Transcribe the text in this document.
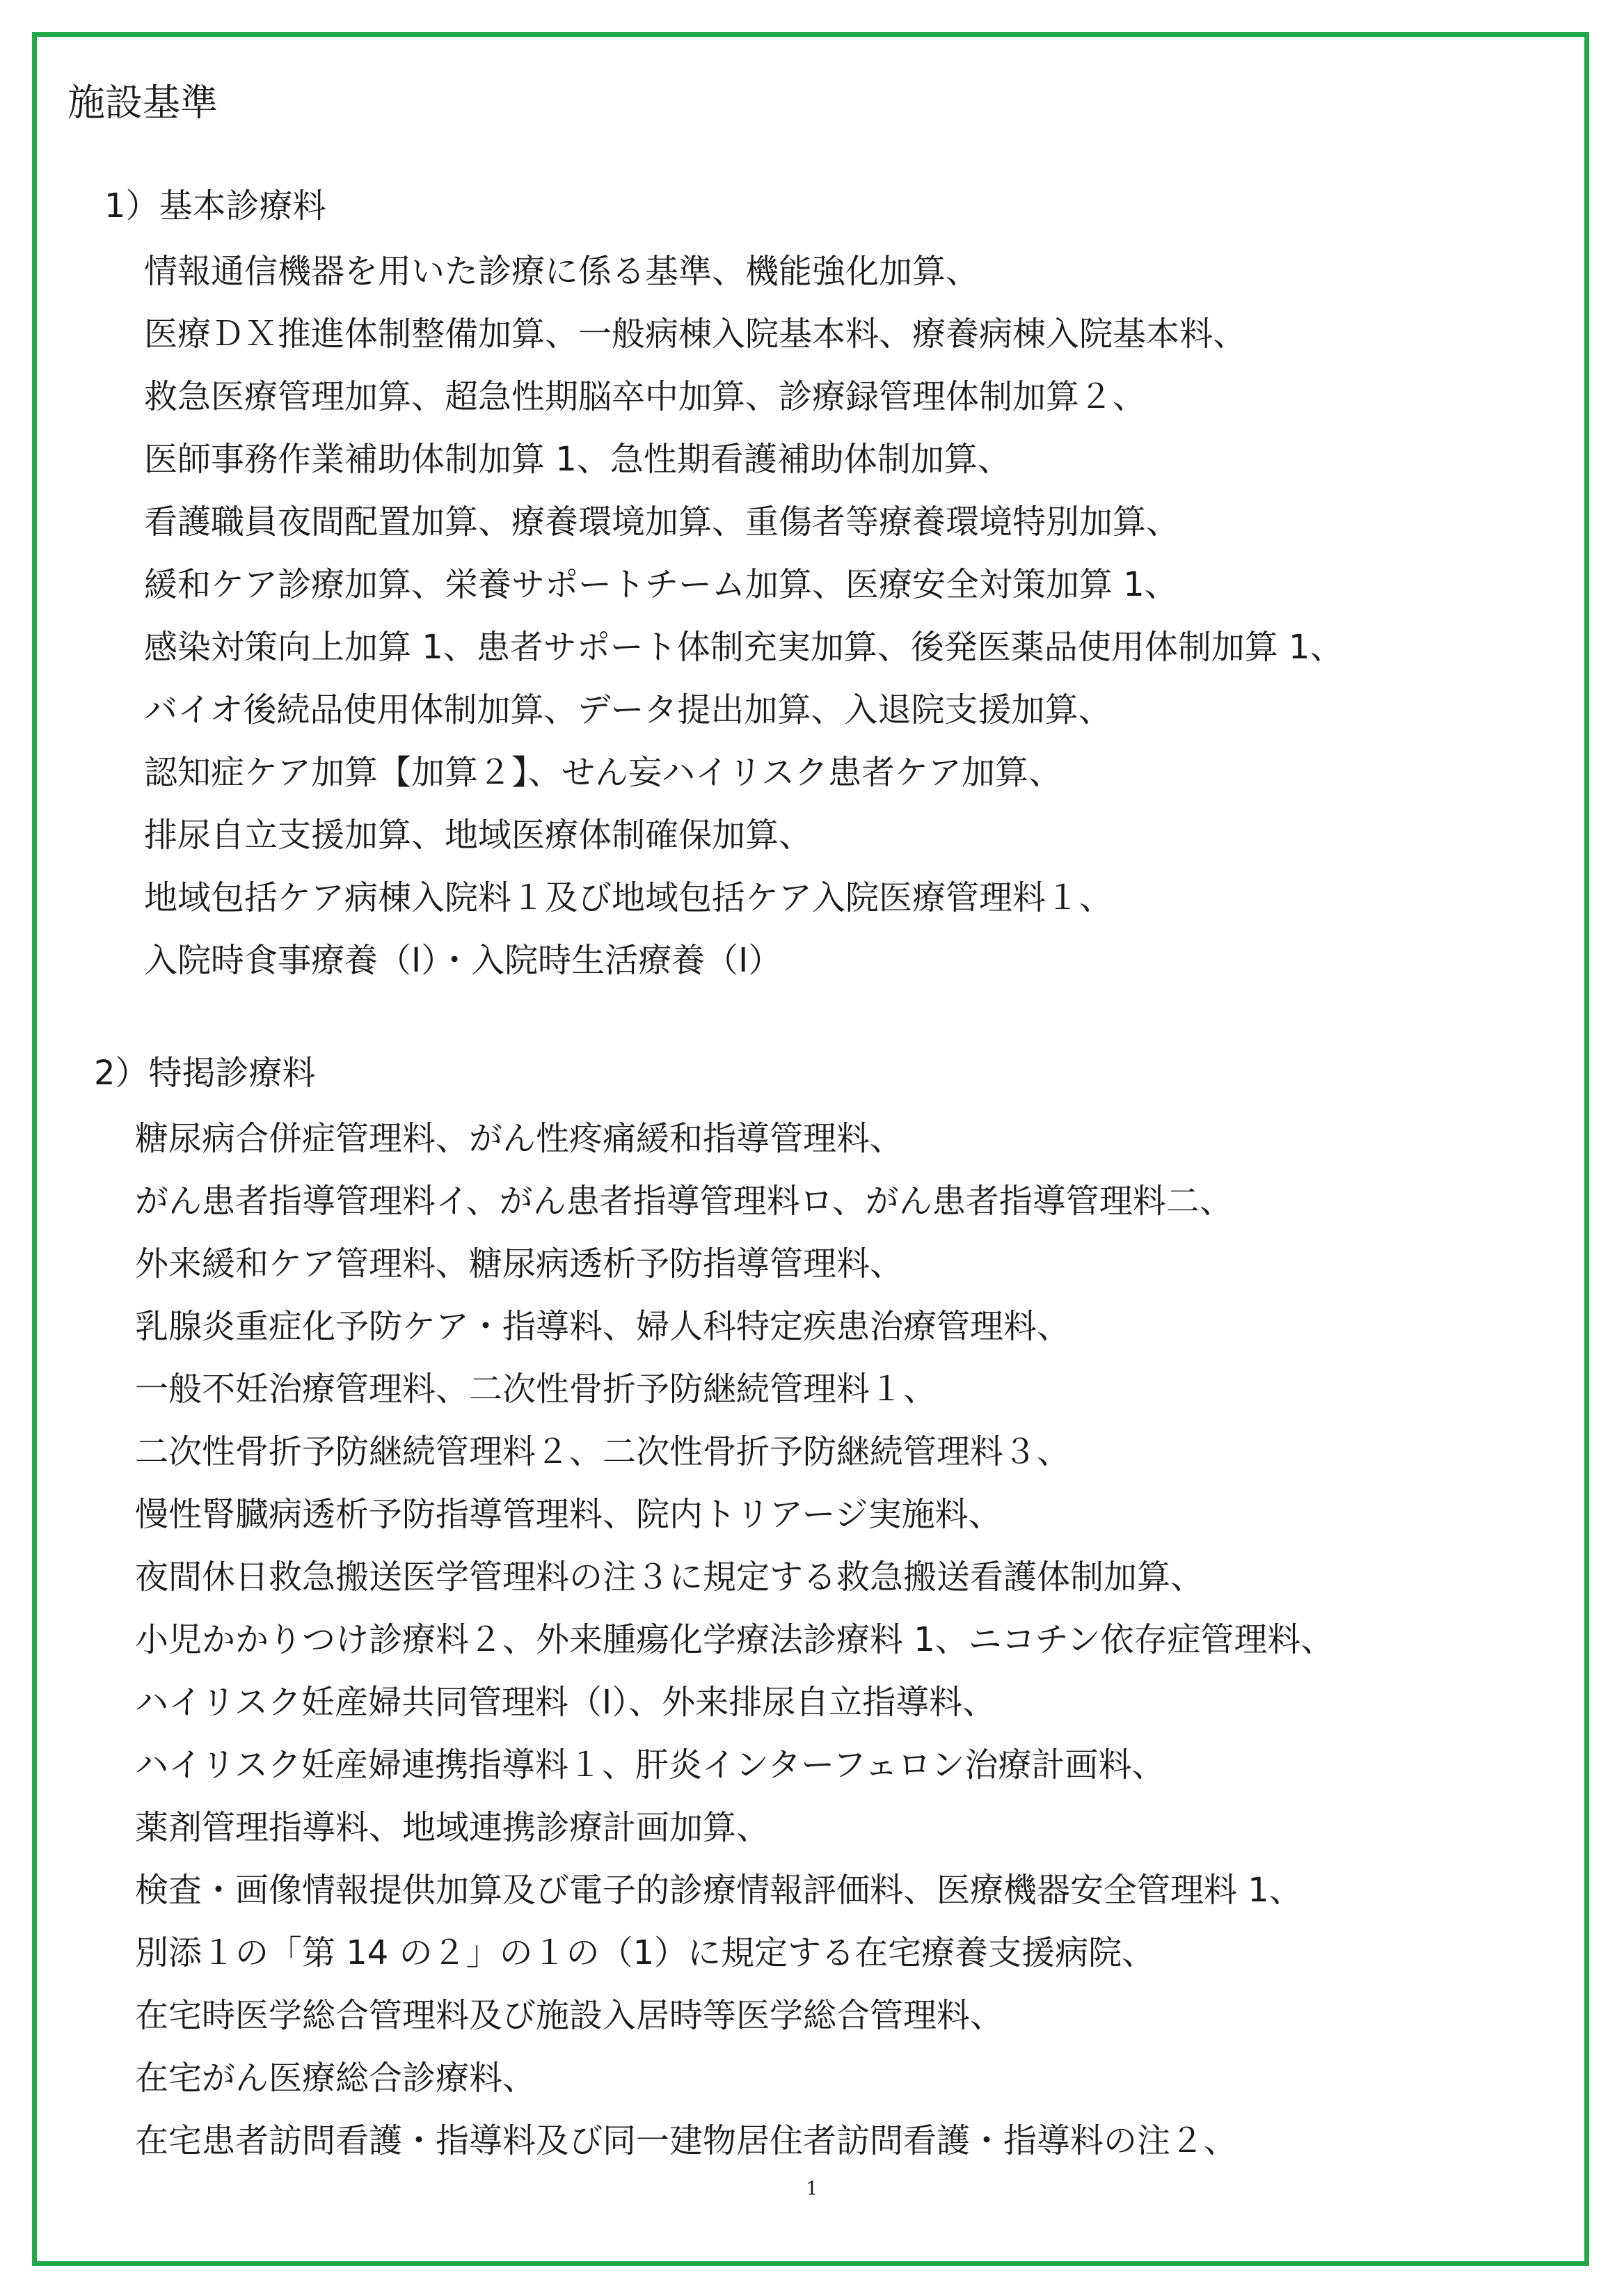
施設基準
1）基本診療料
情報通信機器を用いた診療に係る基準、機能強化加算、
医療ＤＸ推進体制整備加算、一般病棟入院基本料、療養病棟入院基本料、
救急医療管理加算、超急性期脳卒中加算、診療録管理体制加算２、
医師事務作業補助体制加算 1、急性期看護補助体制加算、
看護職員夜間配置加算、療養環境加算、重傷者等療養環境特別加算、
緩和ケア診療加算、栄養サポートチーム加算、医療安全対策加算 1、
感染対策向上加算 1、患者サポート体制充実加算、後発医薬品使用体制加算 1、
バイオ後続品使用体制加算、データ提出加算、入退院支援加算、
認知症ケア加算【加算２】、せん妄ハイリスク患者ケア加算、
排尿自立支援加算、地域医療体制確保加算、
地域包括ケア病棟入院料１及び地域包括ケア入院医療管理料１、
入院時食事療養（Ⅰ）・入院時生活療養（Ⅰ）
2）特掲診療料
糖尿病合併症管理料、がん性疼痛緩和指導管理料、
がん患者指導管理料イ、がん患者指導管理料ロ、がん患者指導管理料二、
外来緩和ケア管理料、糖尿病透析予防指導管理料、
乳腺炎重症化予防ケア・指導料、婦人科特定疾患治療管理料、
一般不妊治療管理料、二次性骨折予防継続管理料１、
二次性骨折予防継続管理料２、二次性骨折予防継続管理料３、
慢性腎臓病透析予防指導管理料、院内トリアージ実施料、
夜間休日救急搬送医学管理料の注３に規定する救急搬送看護体制加算、
小児かかりつけ診療料２、外来腫瘍化学療法診療料 1、ニコチン依存症管理料、
ハイリスク妊産婦共同管理料（Ⅰ）、外来排尿自立指導料、
ハイリスク妊産婦連携指導料１、肝炎インターフェロン治療計画料、
薬剤管理指導料、地域連携診療計画加算、
検査・画像情報提供加算及び電子的診療情報評価料、医療機器安全管理料 1、
別添１の「第 14 の２」の１の（1）に規定する在宅療養支援病院、
在宅時医学総合管理料及び施設入居時等医学総合管理料、
在宅がん医療総合診療料、
在宅患者訪問看護・指導料及び同一建物居住者訪問看護・指導料の注２、
1
